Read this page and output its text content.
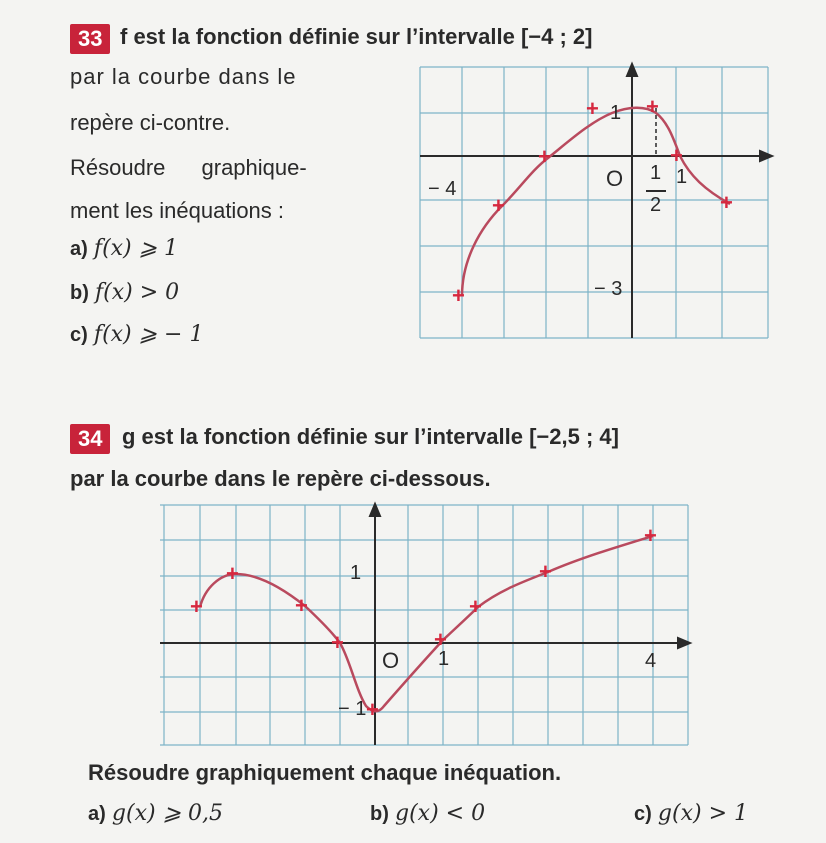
33 f est la fonction définie sur l’intervalle [−4 ; 2]
par la courbe dans le
repère ci-contre.
Résoudre graphique-
ment les inéquations :
a) f(x) ⩾ 1
b) f(x) > 0
c) f(x) ⩾ − 1
+
+
+
+ +
+
+
1
O
− 4
1
2
1
− 3
34 g est la fonction définie sur l’intervalle [−2,5 ; 4]
par la courbe dans le repère ci-dessous.
+
+
+
+
+
+
+
+
+
1
O 1	4
− 1
Résoudre graphiquement chaque inéquation.
a) g(x) ⩾ 0,5	b) g(x) < 0	c) g(x) > 1
